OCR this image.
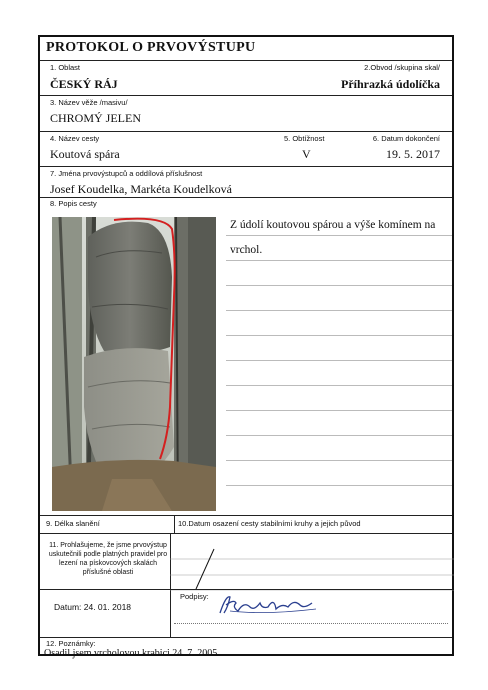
PROTOKOL O PRVOVÝSTUPU
1. Oblast	2.Obvod /skupina skal/
ČESKÝ RÁJ	Příhrazká údolíčka
3. Název věže /masivu/
CHROMÝ JELEN
4. Název cesty	5. Obtížnost	6. Datum dokončení
Koutová spára	V	19. 5. 2017
7. Jména prvovýstupců a oddílová příslušnost
Josef Koudelka, Markéta Koudelková
8. Popis cesty
Z údolí koutovou spárou a výše komínem na vrchol.
9. Délka slanění	10.Datum osazení cesty stabilními kruhy a jejich původ
11. Prohlašujeme, že jsme prvovýstup uskutečnili podle platných pravidel pro lezení na pískovcových skalách příslušné oblasti
Datum: 24. 01. 2018
Podpisy:
12. Poznámky:
Osadil jsem vrcholovou krabici 24. 7. 2005.
